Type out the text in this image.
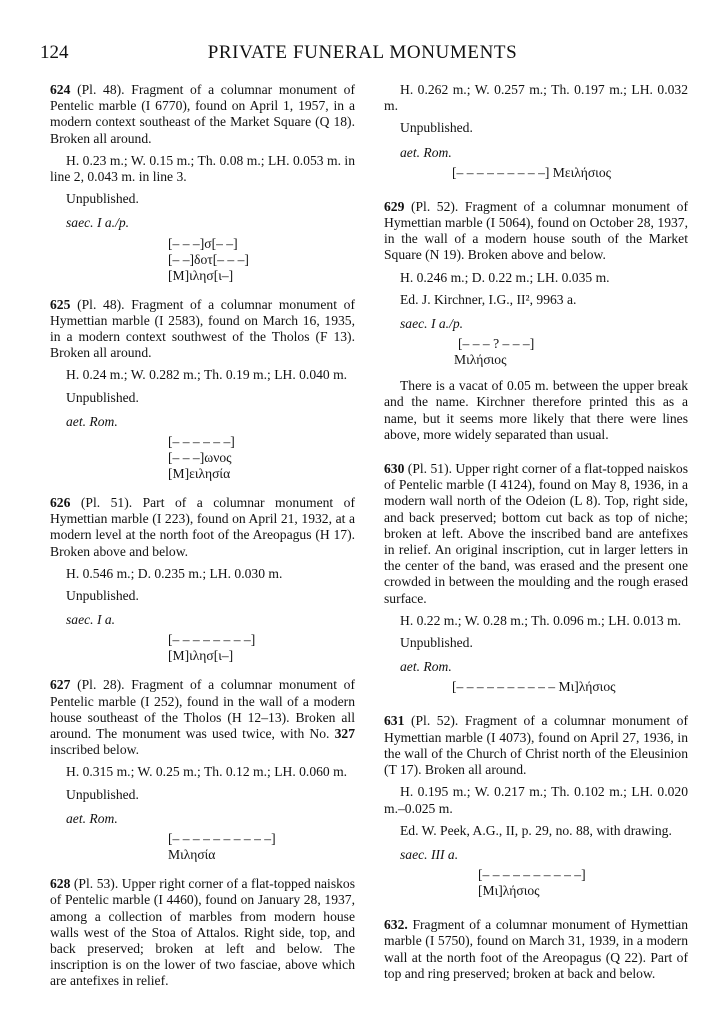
124	PRIVATE FUNERAL MONUMENTS

624 (Pl. 48). Fragment of a columnar monument of Pentelic marble (I 6770), found on April 1, 1957, in a modern context southeast of the Market Square (Q 18). Broken all around.

H. 0.23 m.; W. 0.15 m.; Th. 0.08 m.; LH. 0.053 m. in line 2, 0.043 m. in line 3.

Unpublished.

saec. I a./p.

[– – –]σ[– –]
[– –]δοτ[– – –]
[Μ]ιλησ[ι–]

625 (Pl. 48). Fragment of a columnar monument of Hymettian marble (I 2583), found on March 16, 1935, in a modern context southwest of the Tholos (F 13). Broken all around.

H. 0.24 m.; W. 0.282 m.; Th. 0.19 m.; LH. 0.040 m.

Unpublished.

aet. Rom.

[– – – – – –]
[– – –]ωνος
[Μ]ειλησία

626 (Pl. 51). Part of a columnar monument of Hymettian marble (I 223), found on April 21, 1932, at a modern level at the north foot of the Areopagus (H 17). Broken above and below.

H. 0.546 m.; D. 0.235 m.; LH. 0.030 m.

Unpublished.

saec. I a.

[– – – – – – – –]
[Μ]ιλησ[ι–]

627 (Pl. 28). Fragment of a columnar monument of Pentelic marble (I 252), found in the wall of a modern house southeast of the Tholos (H 12–13). Broken all around. The monument was used twice, with No. 327 inscribed below.

H. 0.315 m.; W. 0.25 m.; Th. 0.12 m.; LH. 0.060 m.

Unpublished.

aet. Rom.

[– – – – – – – – – –]
Μιλησία

628 (Pl. 53). Upper right corner of a flat-topped naiskos of Pentelic marble (I 4460), found on January 28, 1937, among a collection of marbles from modern house walls west of the Stoa of Attalos. Right side, top, and back preserved; broken at left and below. The inscription is on the lower of two fasciae, above which are antefixes in relief.

H. 0.262 m.; W. 0.257 m.; Th. 0.197 m.; LH. 0.032 m.

Unpublished.

aet. Rom.

[– – – – – – – – –] Μειλήσιος

629 (Pl. 52). Fragment of a columnar monument of Hymettian marble (I 5064), found on October 28, 1937, in the wall of a modern house south of the Market Square (N 19). Broken above and below.

H. 0.246 m.; D. 0.22 m.; LH. 0.035 m.

Ed. J. Kirchner, I.G., II², 9963 a.

saec. I a./p.

[– – – ? – – –]
Μιλήσιος

There is a vacat of 0.05 m. between the upper break and the name. Kirchner therefore printed this as a name, but it seems more likely that there were lines above, more widely separated than usual.

630 (Pl. 51). Upper right corner of a flat-topped naiskos of Pentelic marble (I 4124), found on May 8, 1936, in a modern wall north of the Odeion (L 8). Top, right side, and back preserved; bottom cut back as top of niche; broken at left. Above the inscribed band are antefixes in relief. An original inscription, cut in larger letters in the center of the band, was erased and the present one crowded in between the moulding and the rough erased surface.

H. 0.22 m.; W. 0.28 m.; Th. 0.096 m.; LH. 0.013 m.

Unpublished.

aet. Rom.

[– – – – – – – – – – Μι]λήσιος

631 (Pl. 52). Fragment of a columnar monument of Hymettian marble (I 4073), found on April 27, 1936, in the wall of the Church of Christ north of the Eleusinion (T 17). Broken all around.

H. 0.195 m.; W. 0.217 m.; Th. 0.102 m.; LH. 0.020 m.–0.025 m.

Ed. W. Peek, A.G., II, p. 29, no. 88, with drawing.

saec. III a.

[– – – – – – – – – –]
[Μι]λήσιος

632. Fragment of a columnar monument of Hymettian marble (I 5750), found on March 31, 1939, in a modern wall at the north foot of the Areopagus (Q 22). Part of top and ring preserved; broken at back and below.
